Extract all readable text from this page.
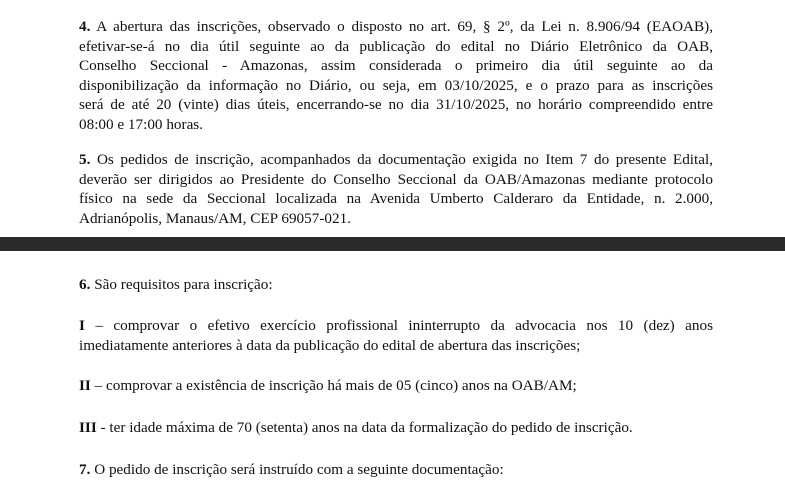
4. A abertura das inscrições, observado o disposto no art. 69, § 2º, da Lei n. 8.906/94 (EAOAB),
efetivar-se-á no dia útil seguinte ao da publicação do edital no Diário Eletrônico da OAB,
Conselho Seccional - Amazonas, assim considerada o primeiro dia útil seguinte ao da
disponibilização da informação no Diário, ou seja, em 03/10/2025, e o prazo para as inscrições
será de até 20 (vinte) dias úteis, encerrando-se no dia 31/10/2025, no horário compreendido entre
08:00 e 17:00 horas.

5. Os pedidos de inscrição, acompanhados da documentação exigida no Item 7 do presente Edital,
deverão ser dirigidos ao Presidente do Conselho Seccional da OAB/Amazonas mediante protocolo
físico na sede da Seccional localizada na Avenida Umberto Calderaro da Entidade, n. 2.000,
Adrianópolis, Manaus/AM, CEP 69057-021.

6. São requisitos para inscrição:

I – comprovar o efetivo exercício profissional ininterrupto da advocacia nos 10 (dez) anos
imediatamente anteriores à data da publicação do edital de abertura das inscrições;

II – comprovar a existência de inscrição há mais de 05 (cinco) anos na OAB/AM;

III - ter idade máxima de 70 (setenta) anos na data da formalização do pedido de inscrição.

7. O pedido de inscrição será instruído com a seguinte documentação:
